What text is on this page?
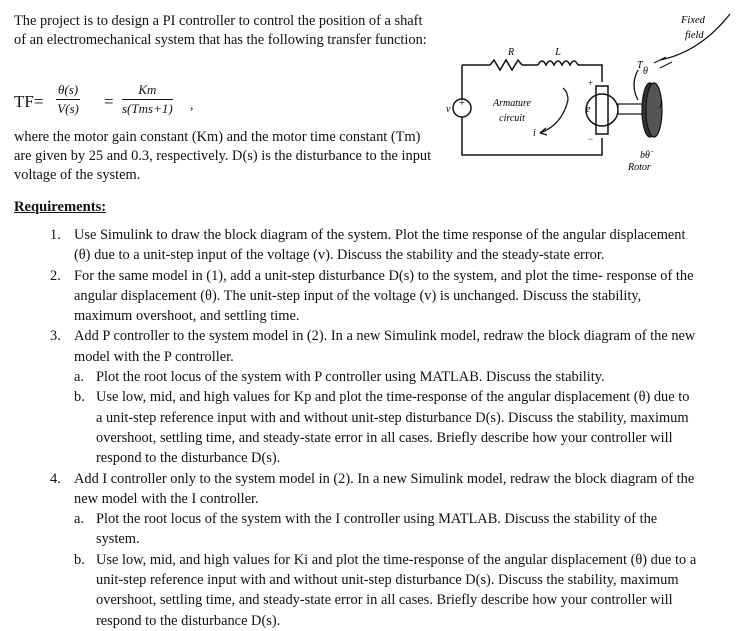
The project is to design a PI controller to control the position of a shaft of an electromechanical system that has the following transfer function:
$TF= \frac{\theta(s)}{V(s)}$ =
Km
s(Tms+1) ,
where the motor gain constant (Km) and the motor time constant (Tm) are given by 25 and 0.3, respectively. D(s) is the disturbance to the input voltage of the system.
Requirements:
1. Use Simulink to draw the block diagram of the system. Plot the time response of the angular displacement (θ) due to a unit-step input of the voltage (v). Discuss the stability and the steady-state error.
2. For the same model in (1), add a unit-step disturbance D(s) to the system, and plot the time- response of the angular displacement (θ). The unit-step input of the voltage (v) is unchanged. Discuss the stability, maximum overshoot, and settling time.
3. Add P controller to the system model in (2). In a new Simulink model, redraw the block diagram of the new model with the P controller.
a. Plot the root locus of the system with P controller using MATLAB. Discuss the stability.
b. Use low, mid, and high values for Kp and plot the time-response of the angular displacement (θ) due to a unit-step reference input with and without unit-step disturbance D(s). Discuss the stability, maximum overshoot, settling time, and steady-state error in all cases. Briefly describe how your controller will respond to the disturbance D(s).
4. Add I controller only to the system model in (2). In a new Simulink model, redraw the block diagram of the new model with the I controller.
a. Plot the root locus of the system with the I controller using MATLAB. Discuss the stability of the system.
b. Use low, mid, and high values for Ki and plot the time-response of the angular displacement (θ) due to a unit-step reference input with and without unit-step disturbance D(s). Discuss the stability, maximum overshoot, settling time, and steady-state error in all cases. Briefly describe how your controller will respond to the disturbance D(s).
+
v
Armature
circuit
i
+
−
e	J
T
θ
Fixed
field
R	L
bθ̇
Rotor
